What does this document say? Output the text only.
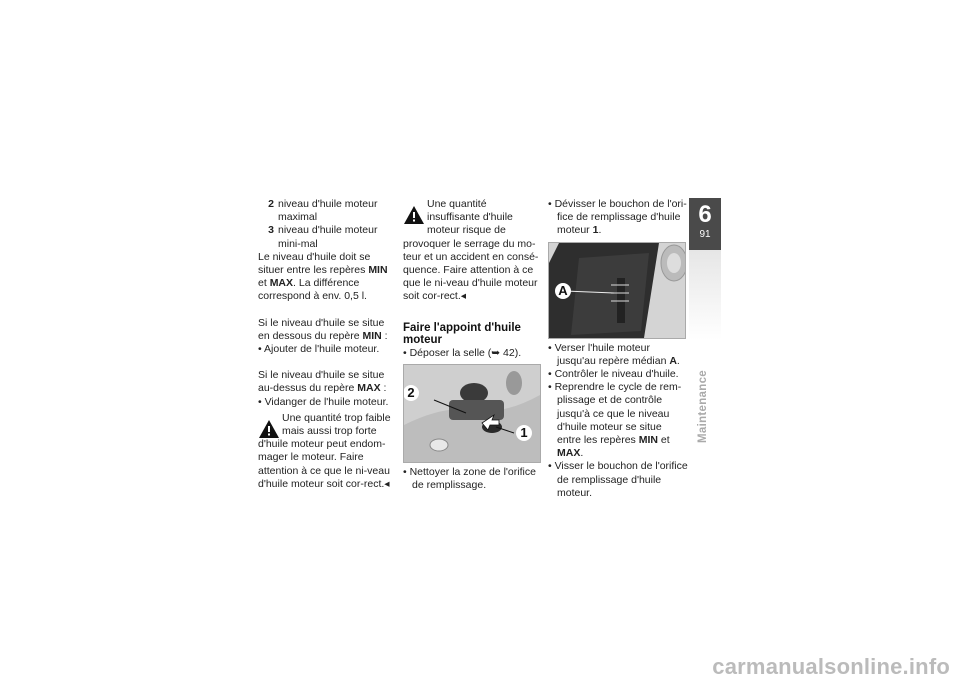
2 niveau d'huile moteur maximal
3 niveau d'huile moteur mini-mal

Le niveau d'huile doit se situer entre les repères MIN et MAX. La différence correspond à env. 0,5 l.

Si le niveau d'huile se situe en dessous du repère MIN :

• Ajouter de l'huile moteur.

Si le niveau d'huile se situe au-dessus du repère MAX :

• Vidanger de l'huile moteur.

Une quantité trop faible mais aussi trop forte

d'huile moteur peut endom-mager le moteur. Faire attention à ce que le ni-veau d'huile moteur soit cor-rect.◂

Une quantité insuffisante d'huile moteur risque de

provoquer le serrage du mo-teur et un accident en consé-quence. Faire attention à ce que le ni-veau d'huile moteur soit cor-rect.◂

Faire l'appoint d'huile moteur

• Déposer la selle (➥ 42).

2
1

• Nettoyer la zone de l'orifice de remplissage.

• Dévisser le bouchon de l'ori-fice de remplissage d'huile moteur 1.

A

• Verser l'huile moteur jusqu'au repère médian A.

• Contrôler le niveau d'huile.

• Reprendre le cycle de rem-plissage et de contrôle jusqu'à ce que le niveau d'huile moteur se situe entre les repères MIN et MAX.

• Visser le bouchon de l'orifice de remplissage d'huile moteur.

6
91
Maintenance
carmanualsonline.info
